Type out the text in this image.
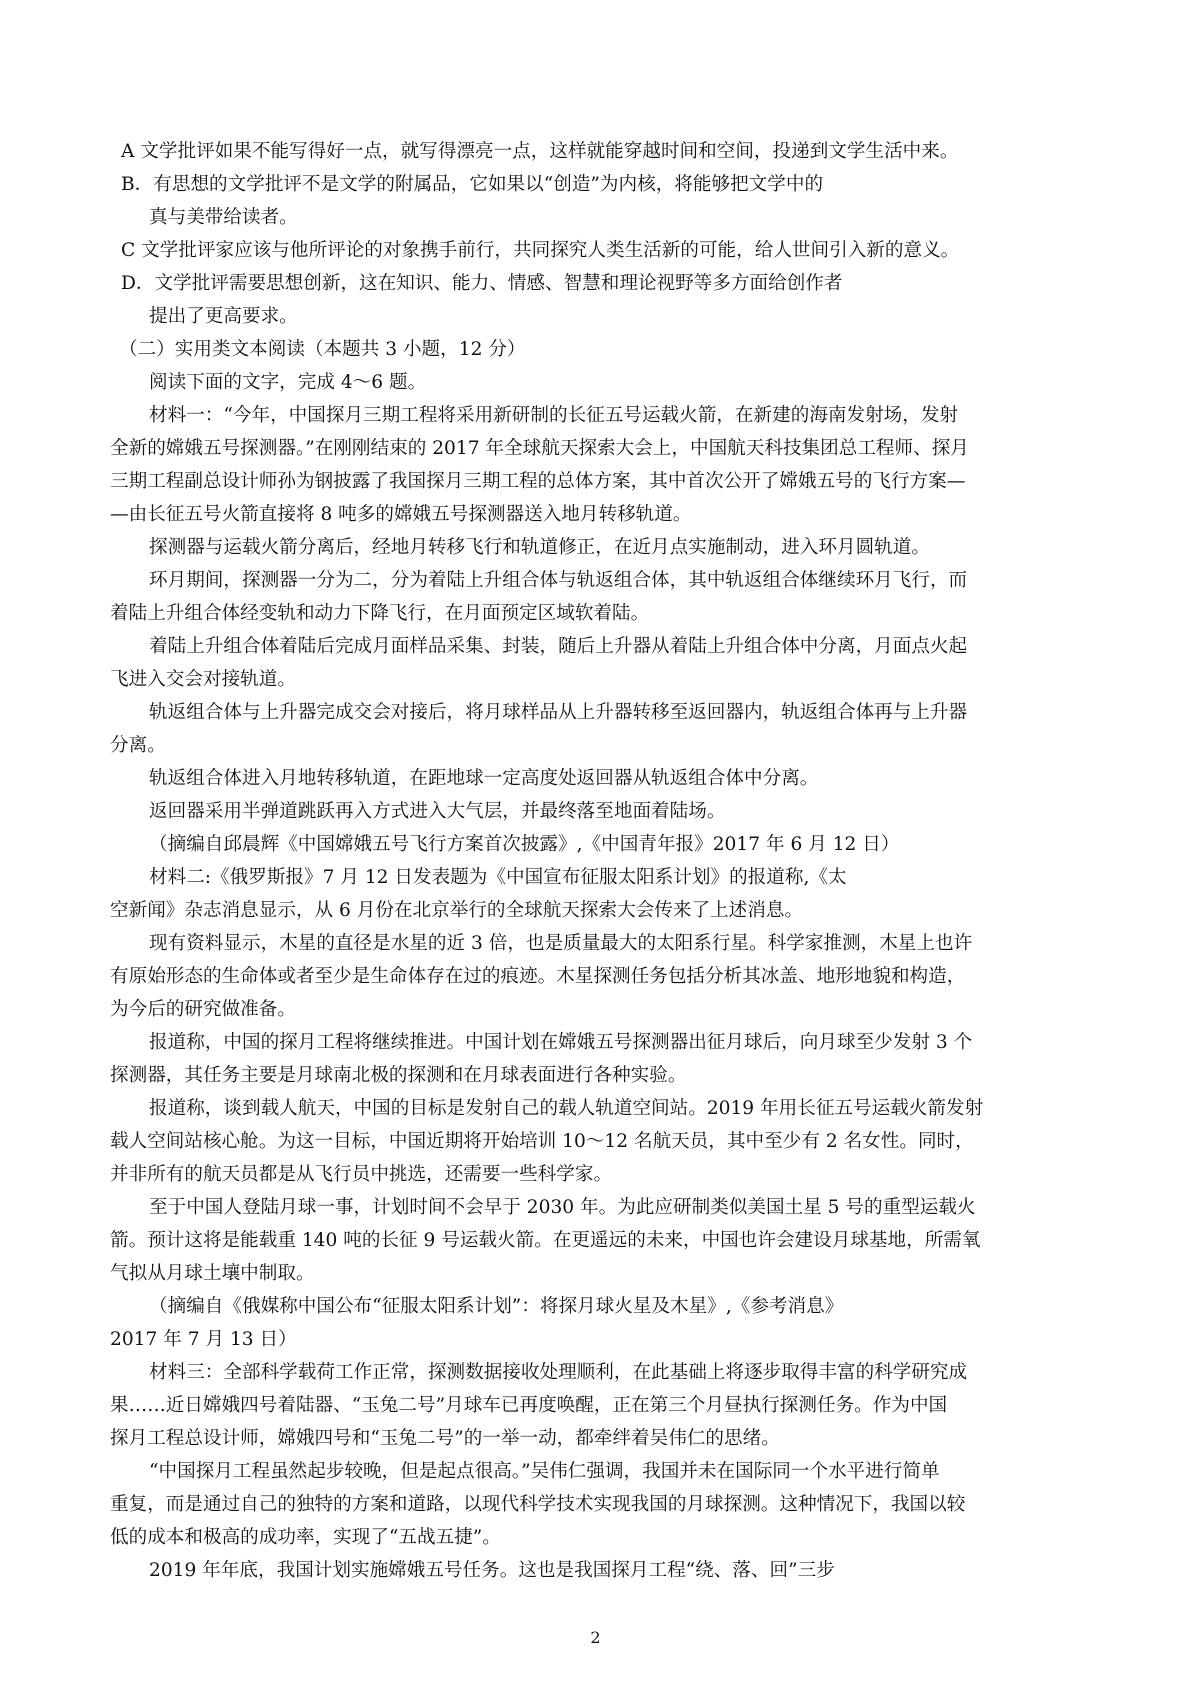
A 文学批评如果不能写得好一点，就写得漂亮一点，这样就能穿越时间和空间，投递到文学生活中来。
B．有思想的文学批评不是文学的附属品，它如果以“创造”为内核，将能够把文学中的
真与美带给读者。
C 文学批评家应该与他所评论的对象携手前行，共同探究人类生活新的可能，给人世间引入新的意义。
D．文学批评需要思想创新，这在知识、能力、情感、智慧和理论视野等多方面给创作者
提出了更高要求。
（二）实用类文本阅读（本题共 3 小题，12 分）
阅读下面的文字，完成 4～6 题。
材料一：“今年，中国探月三期工程将采用新研制的长征五号运载火箭，在新建的海南发射场，发射
全新的嫦娥五号探测器。”在刚刚结束的 2017 年全球航天探索大会上，中国航天科技集团总工程师、探月
三期工程副总设计师孙为钢披露了我国探月三期工程的总体方案，其中首次公开了嫦娥五号的飞行方案—
—由长征五号火箭直接将 8 吨多的嫦娥五号探测器送入地月转移轨道。
探测器与运载火箭分离后，经地月转移飞行和轨道修正，在近月点实施制动，进入环月圆轨道。
环月期间，探测器一分为二，分为着陆上升组合体与轨返组合体，其中轨返组合体继续环月飞行，而
着陆上升组合体经变轨和动力下降飞行，在月面预定区域软着陆。
着陆上升组合体着陆后完成月面样品采集、封装，随后上升器从着陆上升组合体中分离，月面点火起
飞进入交会对接轨道。
轨返组合体与上升器完成交会对接后，将月球样品从上升器转移至返回器内，轨返组合体再与上升器
分离。
轨返组合体进入月地转移轨道，在距地球一定高度处返回器从轨返组合体中分离。
返回器采用半弹道跳跃再入方式进入大气层，并最终落至地面着陆场。
（摘编自邱晨辉《中国嫦娥五号飞行方案首次披露》,《中国青年报》2017 年 6 月 12 日）
材料二:《俄罗斯报》7 月 12 日发表题为《中国宣布征服太阳系计划》的报道称,《太
空新闻》杂志消息显示，从 6 月份在北京举行的全球航天探索大会传来了上述消息。
现有资料显示，木星的直径是水星的近 3 倍，也是质量最大的太阳系行星。科学家推测，木星上也许
有原始形态的生命体或者至少是生命体存在过的痕迹。木星探测任务包括分析其冰盖、地形地貌和构造，
为今后的研究做准备。
报道称，中国的探月工程将继续推进。中国计划在嫦娥五号探测器出征月球后，向月球至少发射 3 个
探测器，其任务主要是月球南北极的探测和在月球表面进行各种实验。
报道称，谈到载人航天，中国的目标是发射自己的载人轨道空间站。2019 年用长征五号运载火箭发射
载人空间站核心舱。为这一目标，中国近期将开始培训 10～12 名航天员，其中至少有 2 名女性。同时，
并非所有的航天员都是从飞行员中挑选，还需要一些科学家。
至于中国人登陆月球一事，计划时间不会早于 2030 年。为此应研制类似美国土星 5 号的重型运载火
箭。预计这将是能载重 140 吨的长征 9 号运载火箭。在更遥远的未来，中国也许会建设月球基地，所需氧
气拟从月球土壤中制取。
（摘编自《俄媒称中国公布“征服太阳系计划”：将探月球火星及木星》,《参考消息》
2017 年 7 月 13 日）
材料三：全部科学载荷工作正常，探测数据接收处理顺利，在此基础上将逐步取得丰富的科学研究成
果……近日嫦娥四号着陆器、“玉兔二号”月球车已再度唤醒，正在第三个月昼执行探测任务。作为中国
探月工程总设计师，嫦娥四号和“玉兔二号”的一举一动，都牵绊着吴伟仁的思绪。
“中国探月工程虽然起步较晚，但是起点很高。”吴伟仁强调，我国并未在国际同一个水平进行简单
重复，而是通过自己的独特的方案和道路，以现代科学技术实现我国的月球探测。这种情况下，我国以较
低的成本和极高的成功率，实现了“五战五捷”。
2019 年年底，我国计划实施嫦娥五号任务。这也是我国探月工程“绕、落、回”三步
2
